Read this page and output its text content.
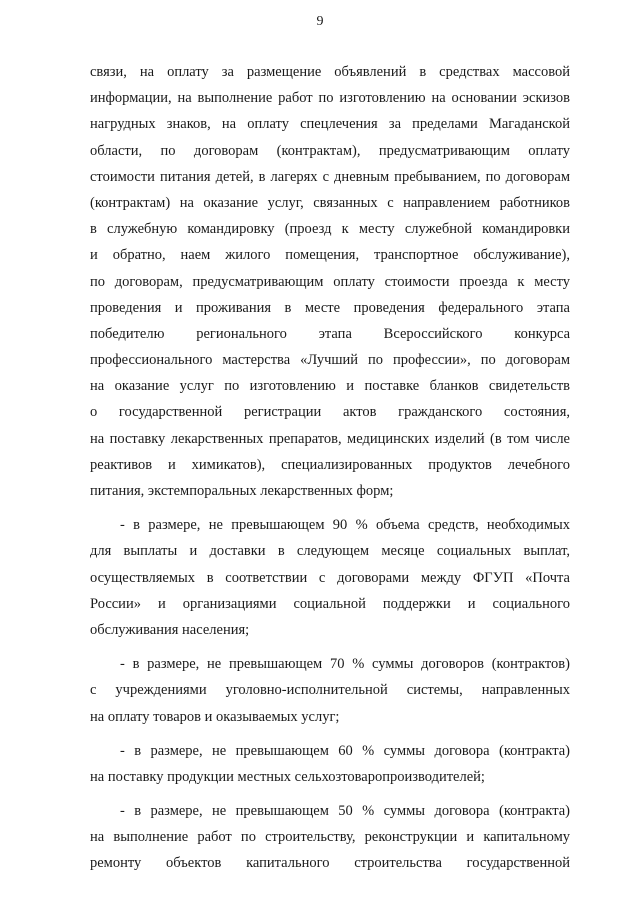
9
связи, на оплату за размещение объявлений в средствах массовой
информации, на выполнение работ по изготовлению на основании эскизов
нагрудных знаков, на оплату спецлечения за пределами Магаданской
области, по договорам (контрактам), предусматривающим оплату
стоимости питания детей, в лагерях с дневным пребыванием, по договорам
(контрактам) на оказание услуг, связанных с направлением работников
в служебную командировку (проезд к месту служебной командировки
и обратно, наем жилого помещения, транспортное обслуживание),
по договорам, предусматривающим оплату стоимости проезда к месту
проведения и проживания в месте проведения федерального этапа
победителю регионального этапа Всероссийского конкурса
профессионального мастерства «Лучший по профессии», по договорам
на оказание услуг по изготовлению и поставке бланков свидетельств
о государственной регистрации актов гражданского состояния,
на поставку лекарственных препаратов, медицинских изделий (в том числе
реактивов и химикатов), специализированных продуктов лечебного
питания, экстемпоральных лекарственных форм;
- в размере, не превышающем 90 % объема средств, необходимых
для выплаты и доставки в следующем месяце социальных выплат,
осуществляемых в соответствии с договорами между ФГУП «Почта
России» и организациями социальной поддержки и социального
обслуживания населения;
- в размере, не превышающем 70 % суммы договоров (контрактов)
с учреждениями уголовно-исполнительной системы, направленных
на оплату товаров и оказываемых услуг;
- в размере, не превышающем 60 % суммы договора (контракта)
на поставку продукции местных сельхозтоваропроизводителей;
- в размере, не превышающем 50 % суммы договора (контракта)
на выполнение работ по строительству, реконструкции и капитальному
ремонту объектов капитального строительства государственной
